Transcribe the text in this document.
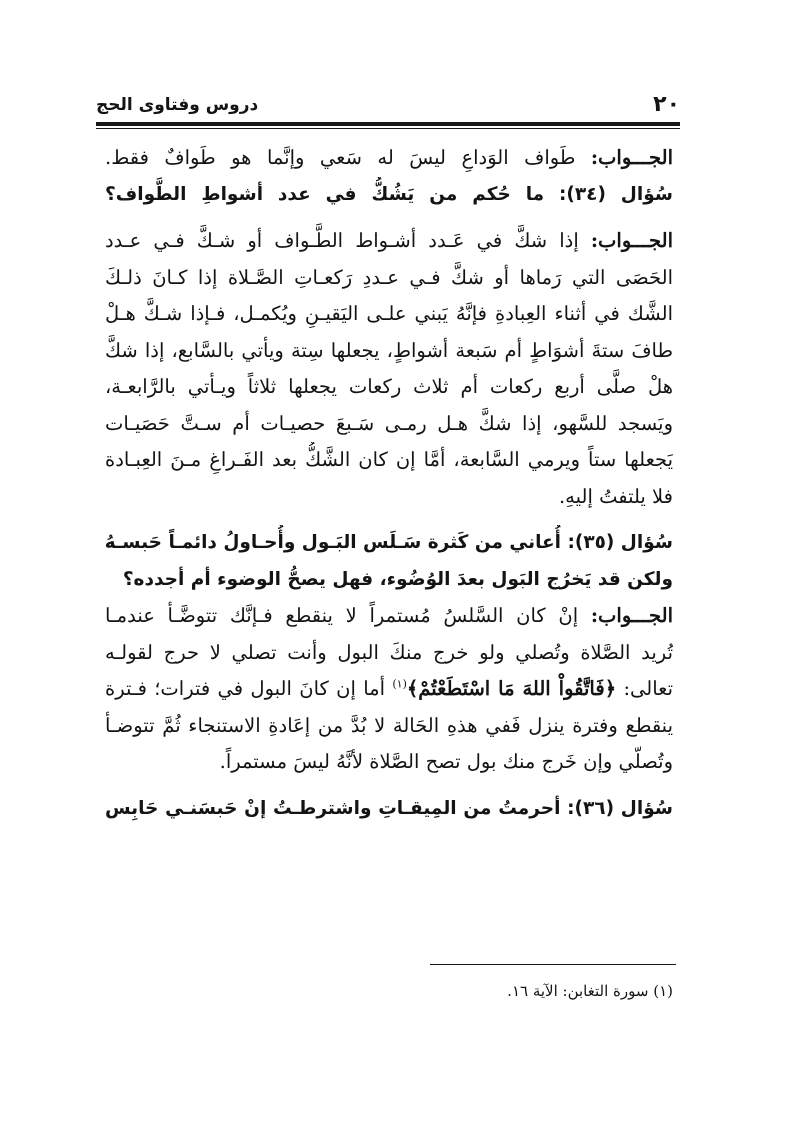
٢٠
دروس وفتاوى الحج
الجـــواب: طَواف الوَداعِ ليسَ له سَعي وإنَّما هو طَوافٌ فقط.
سُؤال (٣٤): ما حُكم من يَشُكُّ في عدد أشواطِ الطَّواف؟
الجـــواب: إذا شكَّ في عَـدد أشـواط الطَّـواف أو شـكَّ فـي عـدد
الحَصَى التي رَماها أو شكَّ فـي عـددِ رَكعـاتِ الصَّـلاة إذا كـانَ ذلـكَ
الشَّك في أثناء العِبادةِ فإنَّهُ يَبني علـى اليَقيـنِ ويُكمـل، فـإذا شـكَّ هـلْ
طافَ ستةَ أشوَاطٍ أم سَبعة أشواطٍ، يجعلها سِتة ويأتي بالسَّابع، إذا شكَّ
هلْ صلَّى أربع ركعات أم ثلاث ركعات يجعلها ثلاثاً ويـأتي بالرَّابعـة،
ويَسجد للسَّهو، إذا شكَّ هـل رمـى سَـبعَ حصيـات أم سـتَّ حَصَيـات
يَجعلها ستاً ويرمي السَّابعة، أمَّا إن كان الشَّكُّ بعد الفَـراغِ مـنَ العِبـادة
فلا يلتفتُ إليهِ.
سُؤال (٣٥): أُعاني من كَثرة سَـلَس البَـول وأُحـاولُ دائمـاً حَبسـهُ
ولكن قد يَخرُج البَول بعدَ الوُضُوء، فهل يصحُّ الوضوء أم أجدده؟
الجـــواب: إنْ كان السَّلسُ مُستمراً لا ينقطع فـإنَّك تتوضَّـأ عندمـا
تُريد الصَّلاة وتُصلي ولو خرج منكَ البول وأنت تصلي لا حرج لقولـه
تعالى: ﴿فَاتَّقُواْ اللهَ مَا اسْتَطَعْتُمْ﴾$^{(١)}$ أما إن كانَ البول في فترات؛ فـترة
ينقطع وفترة ينزل فَفي هذهِ الحَالة لا بُدَّ من إعَادةِ الاستنجاء ثُمَّ تتوضـأ
وتُصلّي وإن خَرج منك بول تصح الصَّلاة لأنَّهُ ليسَ مستمراً.
سُؤال (٣٦): أحرمتُ من المِيقـاتِ واشترطـتُ إنْ حَبسَنـي حَابِس
(١) سورة التغابن: الآية ١٦.
